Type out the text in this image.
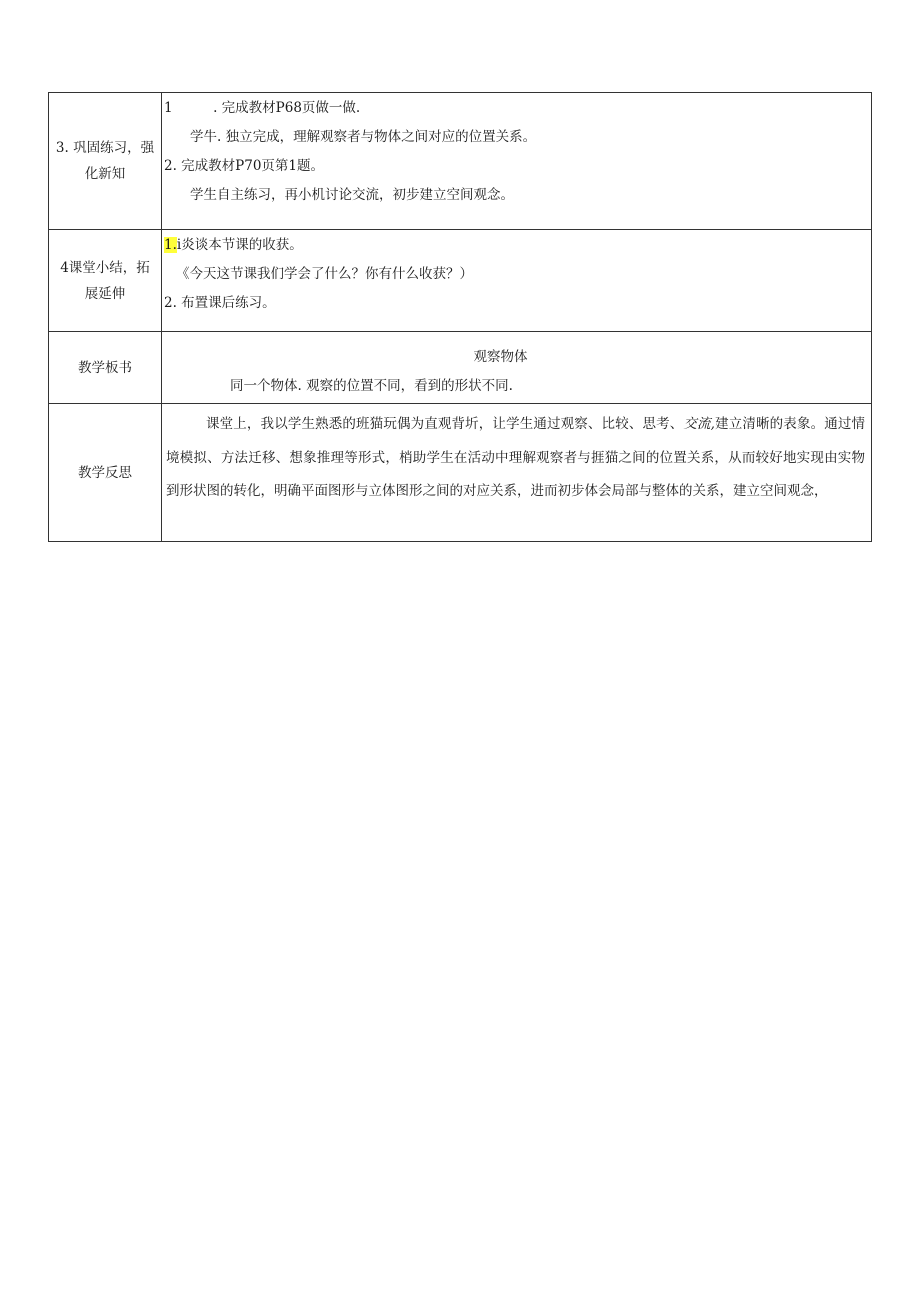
3. 巩固练习，强化新知	1　　　. 完成教材P68页做一做.
学牛. 独立完成，理解观察者与物体之间对应的位置关系。
2. 完成教材P70页第1题。
学生自主练习，再小机讨论交流，初步建立空间观念。

4课堂小结，拓展延伸	1.i炎谈本节课的收获。
《今天这节课我们学会了什么？你有什么收获？）
2. 布置课后练习。

教学板书	观察物体
同一个物体. 观察的位置不同，看到的形状不同.

教学反思	课堂上，我以学生熟悉的班猫玩偶为直观背圻，让学生通过观察、比较、思考、交流,建立清晰的表象。通过情境模拟、方法迁移、想象推理等形式，梢助学生在活动中理解观察者与捱猫之间的位置关系，从而较好地实现由实物到形状图的转化，明确平面图形与立体图形之间的对应关系，进而初步体会局部与整体的关系，建立空间观念，
